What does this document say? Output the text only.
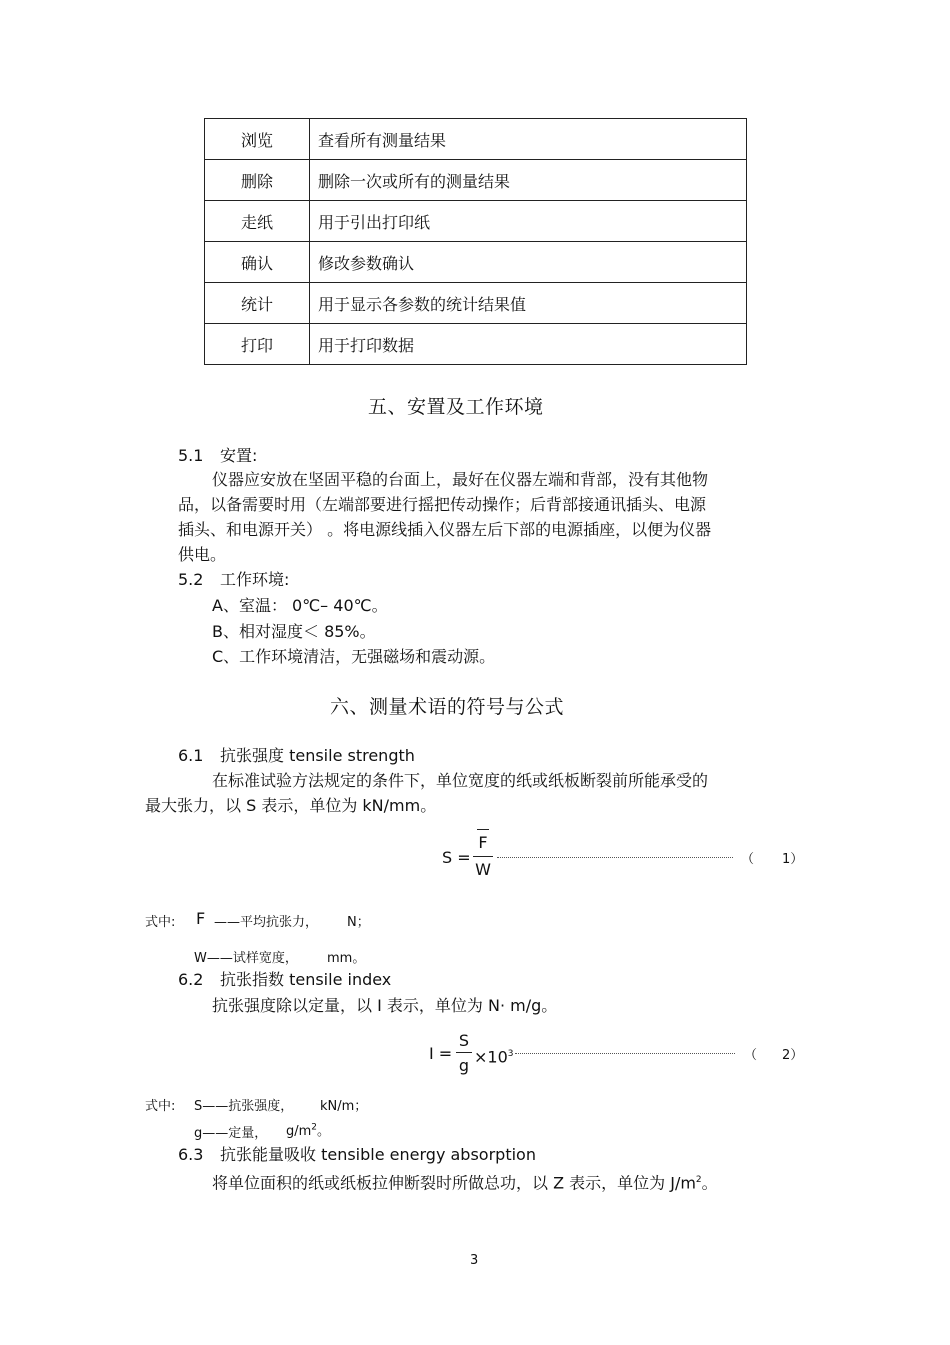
浏览	查看所有测量结果
删除	删除一次或所有的测量结果
走纸	用于引出打印纸
确认	修改参数确认
统计	用于显示各参数的统计结果值
打印	用于打印数据
五、安置及工作环境
5.1 安置:
仪器应安放在坚固平稳的台面上，最好在仪器左端和背部，没有其他物
品，以备需要时用（左端部要进行摇把传动操作；后背部接通讯插头、电源
插头、和电源开关） 。将电源线插入仪器左后下部的电源插座，以便为仪器
供电。
5.2 工作环境:
A、室温： 0℃– 40℃。
B、相对湿度＜ 85%。
C、工作环境清洁，无强磁场和震动源。
六、测量术语的符号与公式
6.1 抗张强度 tensile strength
在标准试验方法规定的条件下，单位宽度的纸或纸板断裂前所能承受的
最大张力，以 S 表示，单位为 kN/mm。
S =
F
W
（ 1）
式中: F ——平均抗张力， N；
W——试样宽度， mm。
6.2 抗张指数 tensile index
抗张强度除以定量，以 I 表示，单位为 N· m/g。
I =
S
$g \times 10^3$	（ 2）
式中: S——抗张强度， kN/m；
g——定量， $g/m^2$。
6.3 抗张能量吸收 tensible energy absorption
将单位面积的纸或纸板拉伸断裂时所做总功，以 Z 表示，单位为 $J/m^2$。
3
